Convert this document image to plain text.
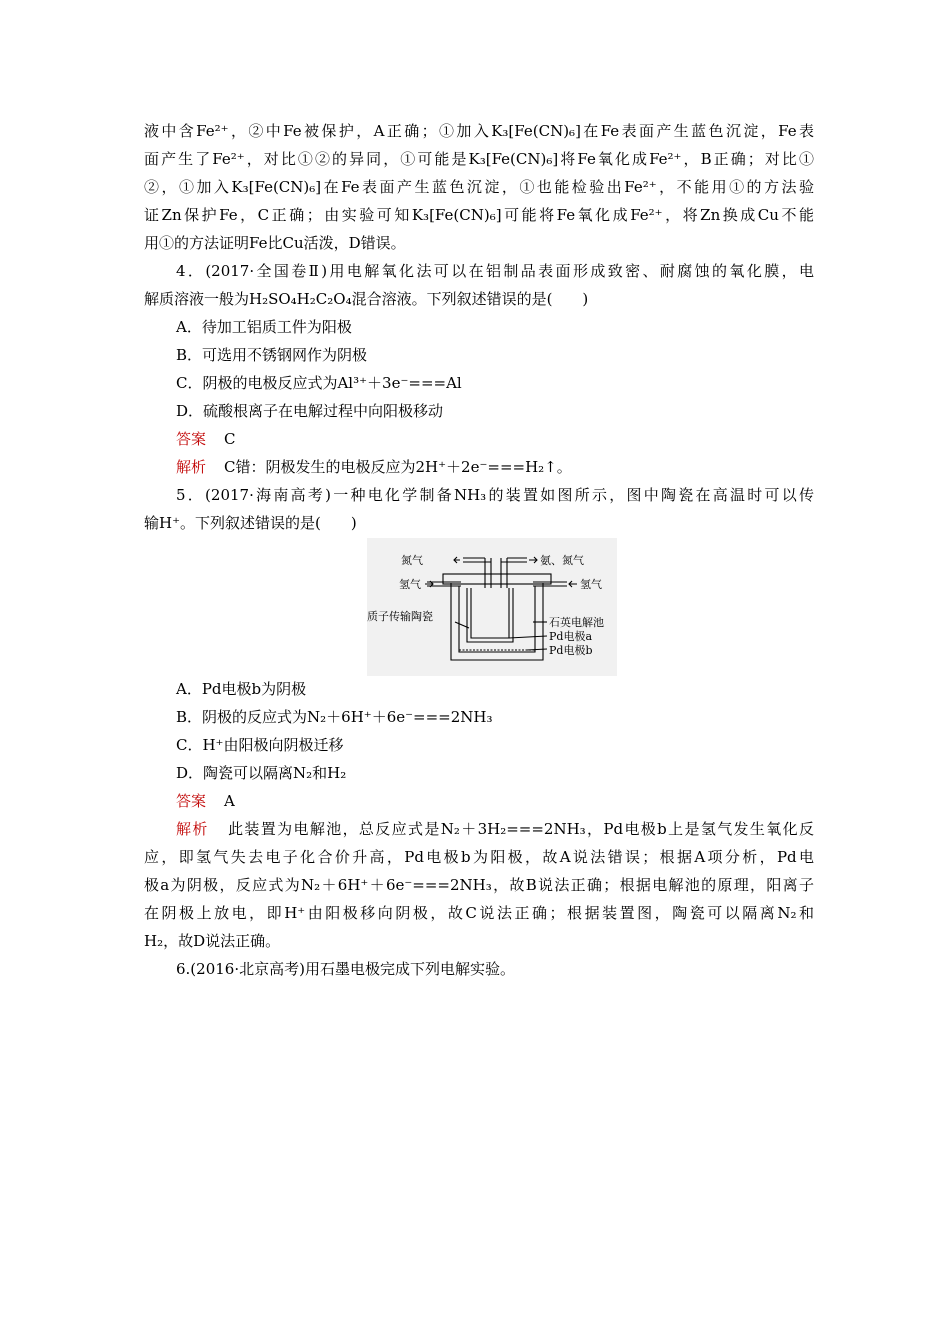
液中含Fe²⁺，②中Fe被保护，A正确；①加入K₃[Fe(CN)₆]在Fe表面产生蓝色沉淀，Fe表
面产生了Fe²⁺，对比①②的异同，①可能是K₃[Fe(CN)₆]将Fe氧化成Fe²⁺，B正确；对比①
②，①加入K₃[Fe(CN)₆]在Fe表面产生蓝色沉淀，①也能检验出Fe²⁺，不能用①的方法验
证Zn保护Fe，C正确；由实验可知K₃[Fe(CN)₆]可能将Fe氧化成Fe²⁺，将Zn换成Cu不能
用①的方法证明Fe比Cu活泼，D错误。
4．(2017·全国卷Ⅱ)用电解氧化法可以在铝制品表面形成致密、耐腐蚀的氧化膜，电
解质溶液一般为H₂SO₄H₂C₂O₄混合溶液。下列叙述错误的是(　　)
A．待加工铝质工件为阳极
B．可选用不锈钢网作为阴极
C．阴极的电极反应式为Al³⁺＋3e⁻===Al
D．硫酸根离子在电解过程中向阳极移动
答案 C
解析 C错：阴极发生的电极反应为2H⁺＋2e⁻===H₂↑。
5．(2017·海南高考)一种电化学制备NH₃的装置如图所示，图中陶瓷在高温时可以传
输H⁺。下列叙述错误的是(　　)
氮气	氨、氮气
氢气	氢气
质子传输陶瓷	石英电解池
Pd电极a
Pd电极b
A．Pd电极b为阴极
B．阴极的反应式为N₂＋6H⁺＋6e⁻===2NH₃
C．H⁺由阳极向阴极迁移
D．陶瓷可以隔离N₂和H₂
答案 A
解析 此装置为电解池，总反应式是N₂＋3H₂===2NH₃，Pd电极b上是氢气发生氧化反
应，即氢气失去电子化合价升高，Pd电极b为阳极，故A说法错误；根据A项分析，Pd电
极a为阴极，反应式为N₂＋6H⁺＋6e⁻===2NH₃，故B说法正确；根据电解池的原理，阳离子
在阴极上放电，即H⁺由阳极移向阴极，故C说法正确；根据装置图，陶瓷可以隔离N₂和
H₂，故D说法正确。
6.(2016·北京高考)用石墨电极完成下列电解实验。
